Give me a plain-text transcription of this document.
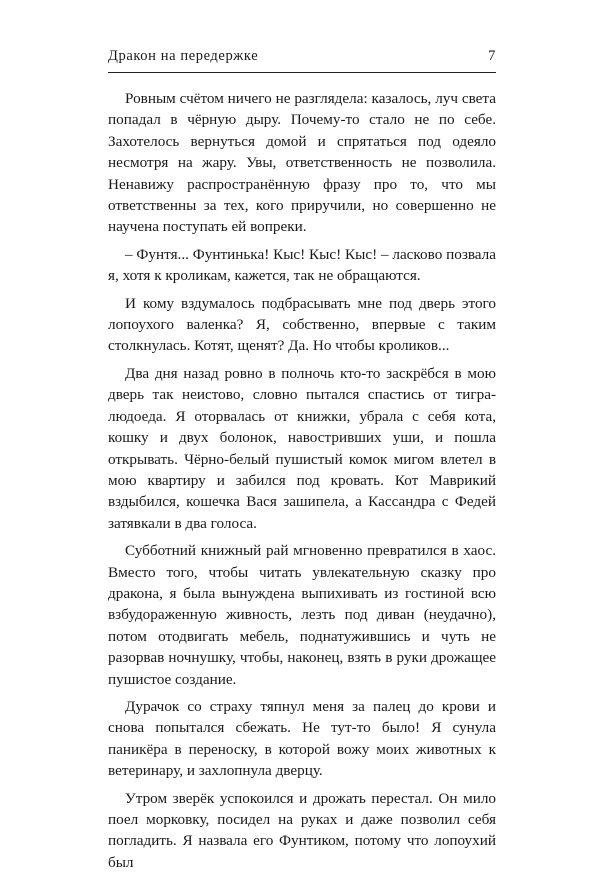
Дракон на передержке	7

Ровным счётом ничего не разглядела: казалось, луч света попадал в чёрную дыру. Почему-то стало не по себе. Захотелось вернуться домой и спрятаться под одеяло несмотря на жару. Увы, ответственность не позволила. Ненавижу распространённую фразу про то, что мы ответственны за тех, кого приручили, но совершенно не научена поступать ей вопреки.

– Фунтя... Фунтинька! Кыс! Кыс! Кыс! – ласково позвала я, хотя к кроликам, кажется, так не обращаются.

И кому вздумалось подбрасывать мне под дверь этого лопоухого валенка? Я, собственно, впервые с таким столкнулась. Котят, щенят? Да. Но чтобы кроликов...

Два дня назад ровно в полночь кто-то заскрёбся в мою дверь так неистово, словно пытался спастись от тигра-людоеда. Я оторвалась от книжки, убрала с себя кота, кошку и двух болонок, навостривших уши, и пошла открывать. Чёрно-белый пушистый комок мигом влетел в мою квартиру и забился под кровать. Кот Маврикий вздыбился, кошечка Вася зашипела, а Кассандра с Федей затявкали в два голоса.

Субботний книжный рай мгновенно превратился в хаос. Вместо того, чтобы читать увлекательную сказку про дракона, я была вынуждена выпихивать из гостиной всю взбудораженную живность, лезть под диван (неудачно), потом отодвигать мебель, поднатужившись и чуть не разорвав ночнушку, чтобы, наконец, взять в руки дрожащее пушистое создание.

Дурачок со страху тяпнул меня за палец до крови и снова попытался сбежать. Не тут-то было! Я сунула паникёра в переноску, в которой вожу моих животных к ветеринару, и захлопнула дверцу.

Утром зверёк успокоился и дрожать перестал. Он мило поел морковку, посидел на руках и даже позволил себя погладить. Я назвала его Фунтиком, потому что лопоухий был
